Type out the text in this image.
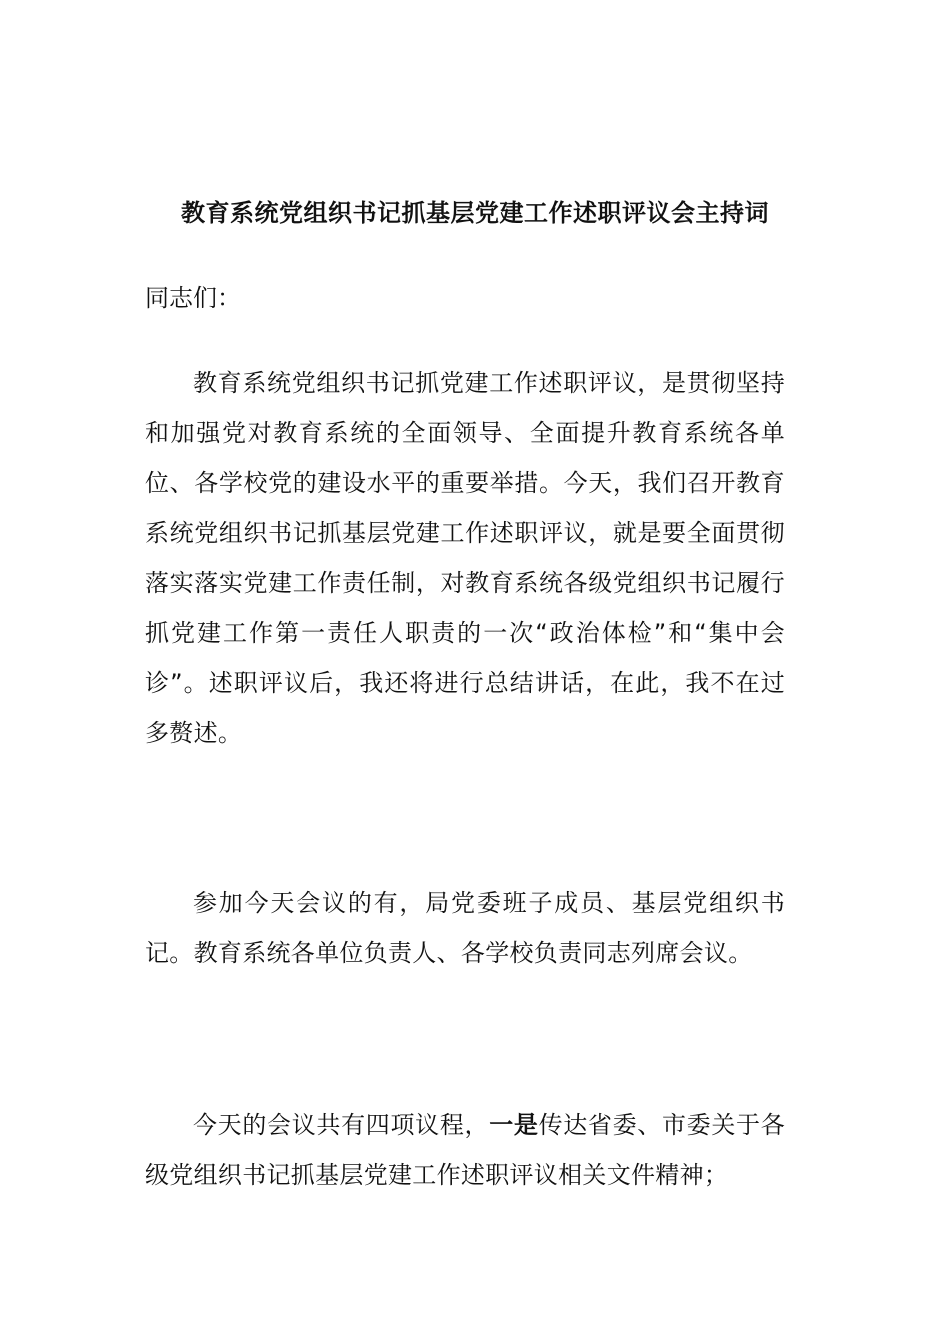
教育系统党组织书记抓基层党建工作述职评议会主持词

同志们：

教育系统党组织书记抓党建工作述职评议，是贯彻坚持和加强党对教育系统的全面领导、全面提升教育系统各单位、各学校党的建设水平的重要举措。今天，我们召开教育系统党组织书记抓基层党建工作述职评议，就是要全面贯彻落实落实党建工作责任制，对教育系统各级党组织书记履行抓党建工作第一责任人职责的一次“政治体检”和“集中会诊”。述职评议后，我还将进行总结讲话，在此，我不在过多赘述。

参加今天会议的有，局党委班子成员、基层党组织书记。教育系统各单位负责人、各学校负责同志列席会议。

今天的会议共有四项议程，一是传达省委、市委关于各级党组织书记抓基层党建工作述职评议相关文件精神；
